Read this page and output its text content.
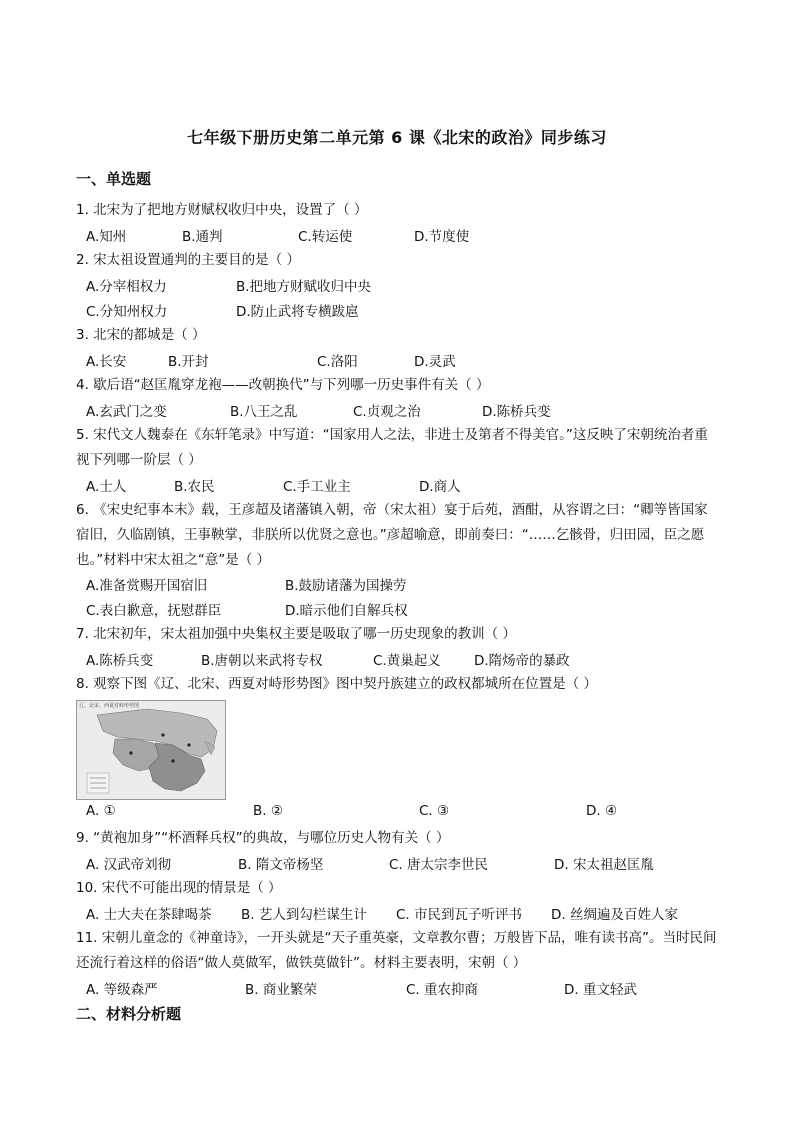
七年级下册历史第二单元第 6 课《北宋的政治》同步练习
一、单选题
1. 北宋为了把地方财赋权收归中央，设置了（ ）
A.知州	B.通判	C.转运使	D.节度使
2. 宋太祖设置通判的主要目的是（ ）
A.分宰相权力	B.把地方财赋收归中央
C.分知州权力	D.防止武将专横跋扈
3. 北宋的都城是（ ）
A.长安	B.开封	C.洛阳	D.灵武
4. 歇后语“赵匡胤穿龙袍——改朝换代”与下列哪一历史事件有关（ ）
A.玄武门之变	B.八王之乱	C.贞观之治	D.陈桥兵变
5. 宋代文人魏泰在《东轩笔录》中写道：“国家用人之法，非进士及第者不得美官。”这反映了宋朝统治者重视下列哪一阶层（ ）
A.士人	B.农民	C.手工业主	D.商人
6. 《宋史纪事本末》载，王彦超及诸藩镇入朝，帝（宋太祖）宴于后苑，酒酣，从容谓之曰：“卿等皆国家宿旧，久临剧镇，王事鞅掌，非朕所以优贤之意也。”彦超喻意，即前奏曰：“……乞骸骨，归田园，臣之愿也。”材料中宋太祖之“意”是（ ）
A.准备赏赐开国宿旧	B.鼓励诸藩为国操劳
C.表白歉意，抚慰群臣	D.暗示他们自解兵权
7. 北宋初年，宋太祖加强中央集权主要是吸取了哪一历史现象的教训（ ）
A.陈桥兵变	B.唐朝以来武将专权	C.黄巢起义 D.隋炀帝的暴政
8. 观察下图《辽、北宋、西夏对峙形势图》图中契丹族建立的政权都城所在位置是（ ）
辽、北宋、西夏对峙形势图
A. ①	B. ②	C. ③	D. ④
9. “黄袍加身”“杯酒释兵权”的典故，与哪位历史人物有关（ ）
A. 汉武帝刘彻	B. 隋文帝杨坚	C. 唐太宗李世民	D. 宋太祖赵匡胤
10. 宋代不可能出现的情景是（ ）
A. 士大夫在茶肆喝茶 B. 艺人到勾栏谋生计 C. 市民到瓦子听评书 D. 丝绸遍及百姓人家
11. 宋朝儿童念的《神童诗》，一开头就是“天子重英豪，文章教尔曹；万般皆下品，唯有读书高”。当时民间还流行着这样的俗语“做人莫做军，做铁莫做针”。材料主要表明，宋朝（ ）
A. 等级森严	B. 商业繁荣	C. 重农抑商	D. 重文轻武
二、材料分析题
